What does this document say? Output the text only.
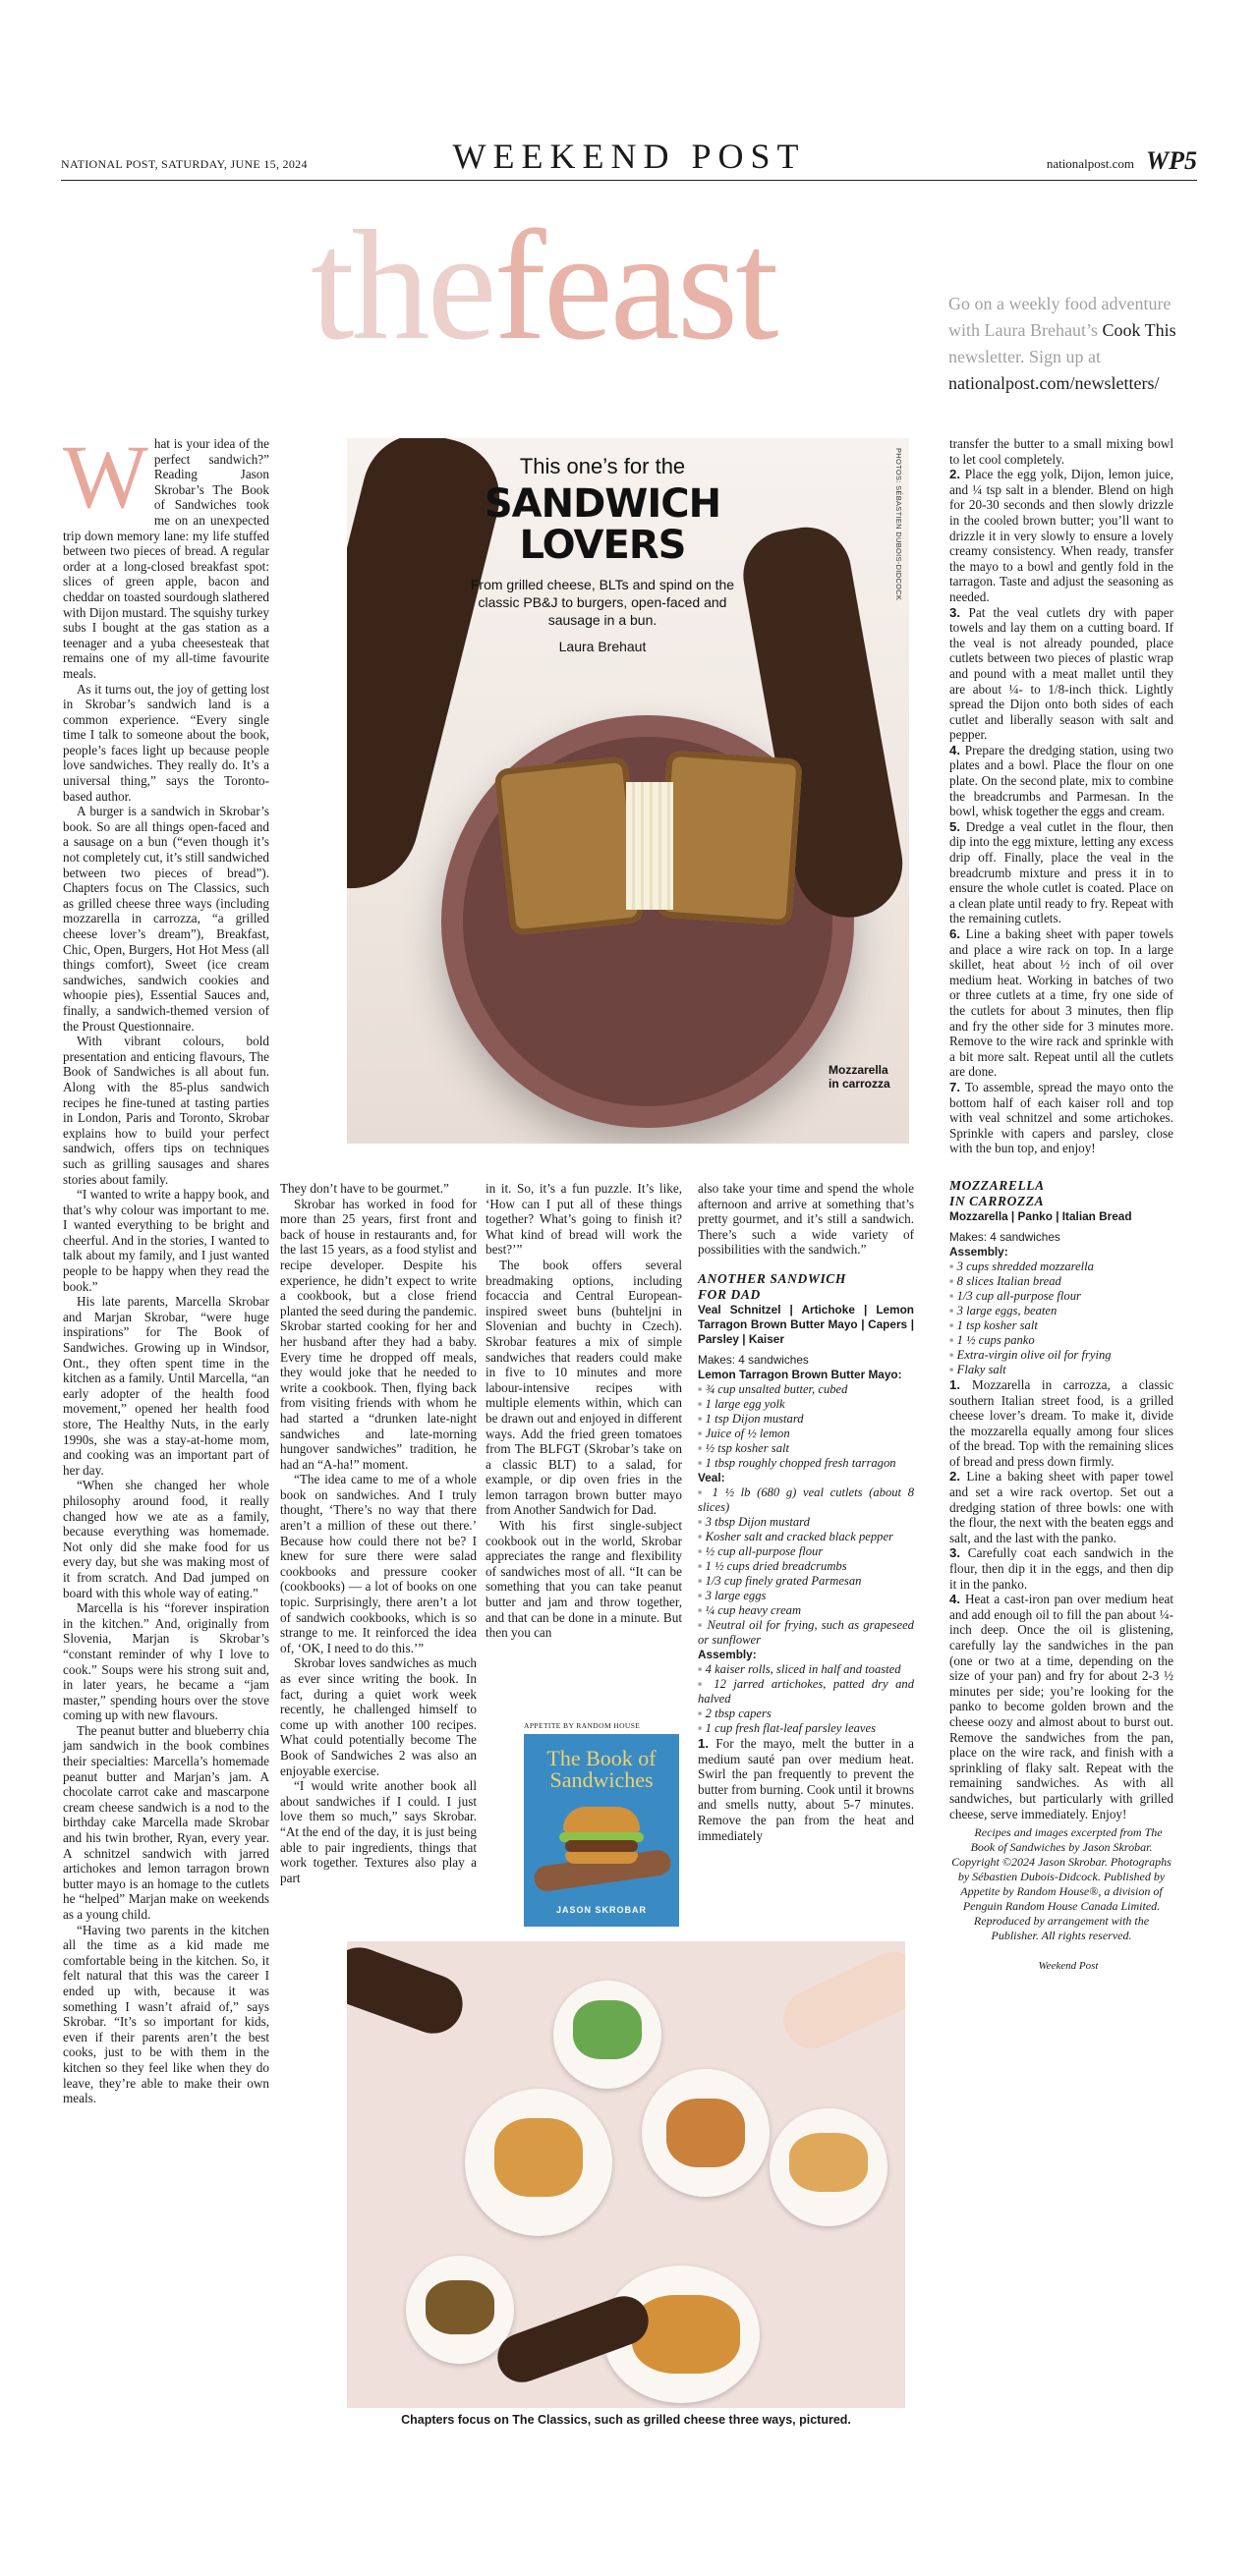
NATIONAL POST, SATURDAY, JUNE 15, 2024	WEEKEND POST	nationalpost.com WP5
thefeast	Go on a weekly food adventure with Laura Brehaut’s Cook This newsletter. Sign up at nationalpost.com/newsletters/
This one’s for the
SANDWICH
LOVERS
From grilled cheese, BLTs and spind on the classic PB&J to burgers, open-faced and sausage in a bun.
Laura Brehaut
PHOTOS: SÉBASTIEN DUBOIS-DIDCOCK
Mozzarella
in carrozza

What is your idea of the perfect sandwich?” Reading Jason Skrobar’s The Book of Sandwiches took me on an unexpected trip down memory lane: my life stuffed between two pieces of bread. A regular order at a long-closed breakfast spot: slices of green apple, bacon and cheddar on toasted sourdough slathered with Dijon mustard. The squishy turkey subs I bought at the gas station as a teenager and a yuba cheesesteak that remains one of my all-time favourite meals.

As it turns out, the joy of getting lost in Skrobar’s sandwich land is a common experience. “Every single time I talk to someone about the book, people’s faces light up because people love sandwiches. They really do. It’s a universal thing,” says the Toronto-based author.

A burger is a sandwich in Skrobar’s book. So are all things open-faced and a sausage on a bun (“even though it’s not completely cut, it’s still sandwiched between two pieces of bread”). Chapters focus on The Classics, such as grilled cheese three ways (including mozzarella in carrozza, “a grilled cheese lover’s dream”), Breakfast, Chic, Open, Burgers, Hot Hot Mess (all things comfort), Sweet (ice cream sandwiches, sandwich cookies and whoopie pies), Essential Sauces and, finally, a sandwich-themed version of the Proust Questionnaire.

With vibrant colours, bold presentation and enticing flavours, The Book of Sandwiches is all about fun. Along with the 85-plus sandwich recipes he fine-tuned at tasting parties in London, Paris and Toronto, Skrobar explains how to build your perfect sandwich, offers tips on techniques such as grilling sausages and shares stories about family.

“I wanted to write a happy book, and that’s why colour was important to me. I wanted everything to be bright and cheerful. And in the stories, I wanted to talk about my family, and I just wanted people to be happy when they read the book.”

His late parents, Marcella Skrobar and Marjan Skrobar, “were huge inspirations” for The Book of Sandwiches. Growing up in Windsor, Ont., they often spent time in the kitchen as a family. Until Marcella, “an early adopter of the health food movement,” opened her health food store, The Healthy Nuts, in the early 1990s, she was a stay-at-home mom, and cooking was an important part of her day.

“When she changed her whole philosophy around food, it really changed how we ate as a family, because everything was homemade. Not only did she make food for us every day, but she was making most of it from scratch. And Dad jumped on board with this whole way of eating.”

Marcella is his “forever inspiration in the kitchen.” And, originally from Slovenia, Marjan is Skrobar’s “constant reminder of why I love to cook.” Soups were his strong suit and, in later years, he became a “jam master,” spending hours over the stove coming up with new flavours.

The peanut butter and blueberry chia jam sandwich in the book combines their specialties: Marcella’s homemade peanut butter and Marjan’s jam. A chocolate carrot cake and mascarpone cream cheese sandwich is a nod to the birthday cake Marcella made Skrobar and his twin brother, Ryan, every year. A schnitzel sandwich with jarred artichokes and lemon tarragon brown butter mayo is an homage to the cutlets he “helped” Marjan make on weekends as a young child.

“Having two parents in the kitchen all the time as a kid made me comfortable being in the kitchen. So, it felt natural that this was the career I ended up with, because it was something I wasn’t afraid of,” says Skrobar. “It’s so important for kids, even if their parents aren’t the best cooks, just to be with them in the kitchen so they feel like when they do leave, they’re able to make their own meals.

They don’t have to be gourmet.”

Skrobar has worked in food for more than 25 years, first front and back of house in restaurants and, for the last 15 years, as a food stylist and recipe developer. Despite his experience, he didn’t expect to write a cookbook, but a close friend planted the seed during the pandemic. Skrobar started cooking for her and her husband after they had a baby. Every time he dropped off meals, they would joke that he needed to write a cookbook. Then, flying back from visiting friends with whom he had started a “drunken late-night sandwiches and late-morning hungover sandwiches” tradition, he had an “A-ha!” moment.

“The idea came to me of a whole book on sandwiches. And I truly thought, ‘There’s no way that there aren’t a million of these out there.’ Because how could there not be? I knew for sure there were salad cookbooks and pressure cooker (cookbooks) — a lot of books on one topic. Surprisingly, there aren’t a lot of sandwich cookbooks, which is so strange to me. It reinforced the idea of, ‘OK, I need to do this.’”

Skrobar loves sandwiches as much as ever since writing the book. In fact, during a quiet work week recently, he challenged himself to come up with another 100 recipes. What could potentially become The Book of Sandwiches 2 was also an enjoyable exercise.

“I would write another book all about sandwiches if I could. I just love them so much,” says Skrobar. “At the end of the day, it is just being able to pair ingredients, things that work together. Textures also play a part

in it. So, it’s a fun puzzle. It’s like, ‘How can I put all of these things together? What’s going to finish it? What kind of bread will work the best?’”

The book offers several breadmaking options, including focaccia and Central European-inspired sweet buns (buhteljni in Slovenian and buchty in Czech). Skrobar features a mix of simple sandwiches that readers could make in five to 10 minutes and more labour-intensive recipes with multiple elements within, which can be drawn out and enjoyed in different ways. Add the fried green tomatoes from The BLFGT (Skrobar’s take on a classic BLT) to a salad, for example, or dip oven fries in the lemon tarragon brown butter mayo from Another Sandwich for Dad.

With his first single-subject cookbook out in the world, Skrobar appreciates the range and flexibility of sandwiches most of all. “It can be something that you can take peanut butter and jam and throw together, and that can be done in a minute. But then you can

APPETITE BY RANDOM HOUSE
The Book of
Sandwiches
JASON SKROBAR

also take your time and spend the whole afternoon and arrive at something that’s pretty gourmet, and it’s still a sandwich. There’s such a wide variety of possibilities with the sandwich.”

ANOTHER SANDWICH
FOR DAD
Veal Schnitzel | Artichoke | Lemon Tarragon Brown Butter Mayo | Capers | Parsley | Kaiser
Makes: 4 sandwiches
Lemon Tarragon Brown Butter Mayo:
▪ ¾ cup unsalted butter, cubed
▪ 1 large egg yolk
▪ 1 tsp Dijon mustard
▪ Juice of ½ lemon
▪ ½ tsp kosher salt
▪ 1 tbsp roughly chopped fresh tarragon
Veal:
▪ 1 ½ lb (680 g) veal cutlets (about 8 slices)
▪ 3 tbsp Dijon mustard
▪ Kosher salt and cracked black pepper
▪ ½ cup all-purpose flour
▪ 1 ½ cups dried breadcrumbs
▪ 1/3 cup finely grated Parmesan
▪ 3 large eggs
▪ ¼ cup heavy cream
▪ Neutral oil for frying, such as grapeseed or sunflower
Assembly:
▪ 4 kaiser rolls, sliced in half and toasted
▪ 12 jarred artichokes, patted dry and halved
▪ 2 tbsp capers
▪ 1 cup fresh flat-leaf parsley leaves

1. For the mayo, melt the butter in a medium sauté pan over medium heat. Swirl the pan frequently to prevent the butter from burning. Cook until it browns and smells nutty, about 5-7 minutes. Remove the pan from the heat and immediately

transfer the butter to a small mixing bowl to let cool completely.

2. Place the egg yolk, Dijon, lemon juice, and ¼ tsp salt in a blender. Blend on high for 20-30 seconds and then slowly drizzle in the cooled brown butter; you’ll want to drizzle it in very slowly to ensure a lovely creamy consistency. When ready, transfer the mayo to a bowl and gently fold in the tarragon. Taste and adjust the seasoning as needed.

3. Pat the veal cutlets dry with paper towels and lay them on a cutting board. If the veal is not already pounded, place cutlets between two pieces of plastic wrap and pound with a meat mallet until they are about ¼- to 1/8-inch thick. Lightly spread the Dijon onto both sides of each cutlet and liberally season with salt and pepper.

4. Prepare the dredging station, using two plates and a bowl. Place the flour on one plate. On the second plate, mix to combine the breadcrumbs and Parmesan. In the bowl, whisk together the eggs and cream.

5. Dredge a veal cutlet in the flour, then dip into the egg mixture, letting any excess drip off. Finally, place the veal in the breadcrumb mixture and press it in to ensure the whole cutlet is coated. Place on a clean plate until ready to fry. Repeat with the remaining cutlets.

6. Line a baking sheet with paper towels and place a wire rack on top. In a large skillet, heat about ½ inch of oil over medium heat. Working in batches of two or three cutlets at a time, fry one side of the cutlets for about 3 minutes, then flip and fry the other side for 3 minutes more. Remove to the wire rack and sprinkle with a bit more salt. Repeat until all the cutlets are done.

7. To assemble, spread the mayo onto the bottom half of each kaiser roll and top with veal schnitzel and some artichokes. Sprinkle with capers and parsley, close with the bun top, and enjoy!

MOZZARELLA
IN CARROZZA
Mozzarella | Panko | Italian Bread
Makes: 4 sandwiches
Assembly:
▪ 3 cups shredded mozzarella
▪ 8 slices Italian bread
▪ 1/3 cup all-purpose flour
▪ 3 large eggs, beaten
▪ 1 tsp kosher salt
▪ 1 ½ cups panko
▪ Extra-virgin olive oil for frying
▪ Flaky salt

1. Mozzarella in carrozza, a classic southern Italian street food, is a grilled cheese lover’s dream. To make it, divide the mozzarella equally among four slices of the bread. Top with the remaining slices of bread and press down firmly.

2. Line a baking sheet with paper towel and set a wire rack overtop. Set out a dredging station of three bowls: one with the flour, the next with the beaten eggs and salt, and the last with the panko.

3. Carefully coat each sandwich in the flour, then dip it in the eggs, and then dip it in the panko.

4. Heat a cast-iron pan over medium heat and add enough oil to fill the pan about ¼-inch deep. Once the oil is glistening, carefully lay the sandwiches in the pan (one or two at a time, depending on the size of your pan) and fry for about 2-3 ½ minutes per side; you’re looking for the panko to become golden brown and the cheese oozy and almost about to burst out. Remove the sandwiches from the pan, place on the wire rack, and finish with a sprinkling of flaky salt. Repeat with the remaining sandwiches. As with all sandwiches, but particularly with grilled cheese, serve immediately. Enjoy!

Recipes and images excerpted from The Book of Sandwiches by Jason Skrobar. Copyright ©2024 Jason Skrobar. Photographs by Sébastien Dubois-Didcock. Published by Appetite by Random House®, a division of Penguin Random House Canada Limited. Reproduced by arrangement with the Publisher. All rights reserved.

Weekend Post

Chapters focus on The Classics, such as grilled cheese three ways, pictured.
